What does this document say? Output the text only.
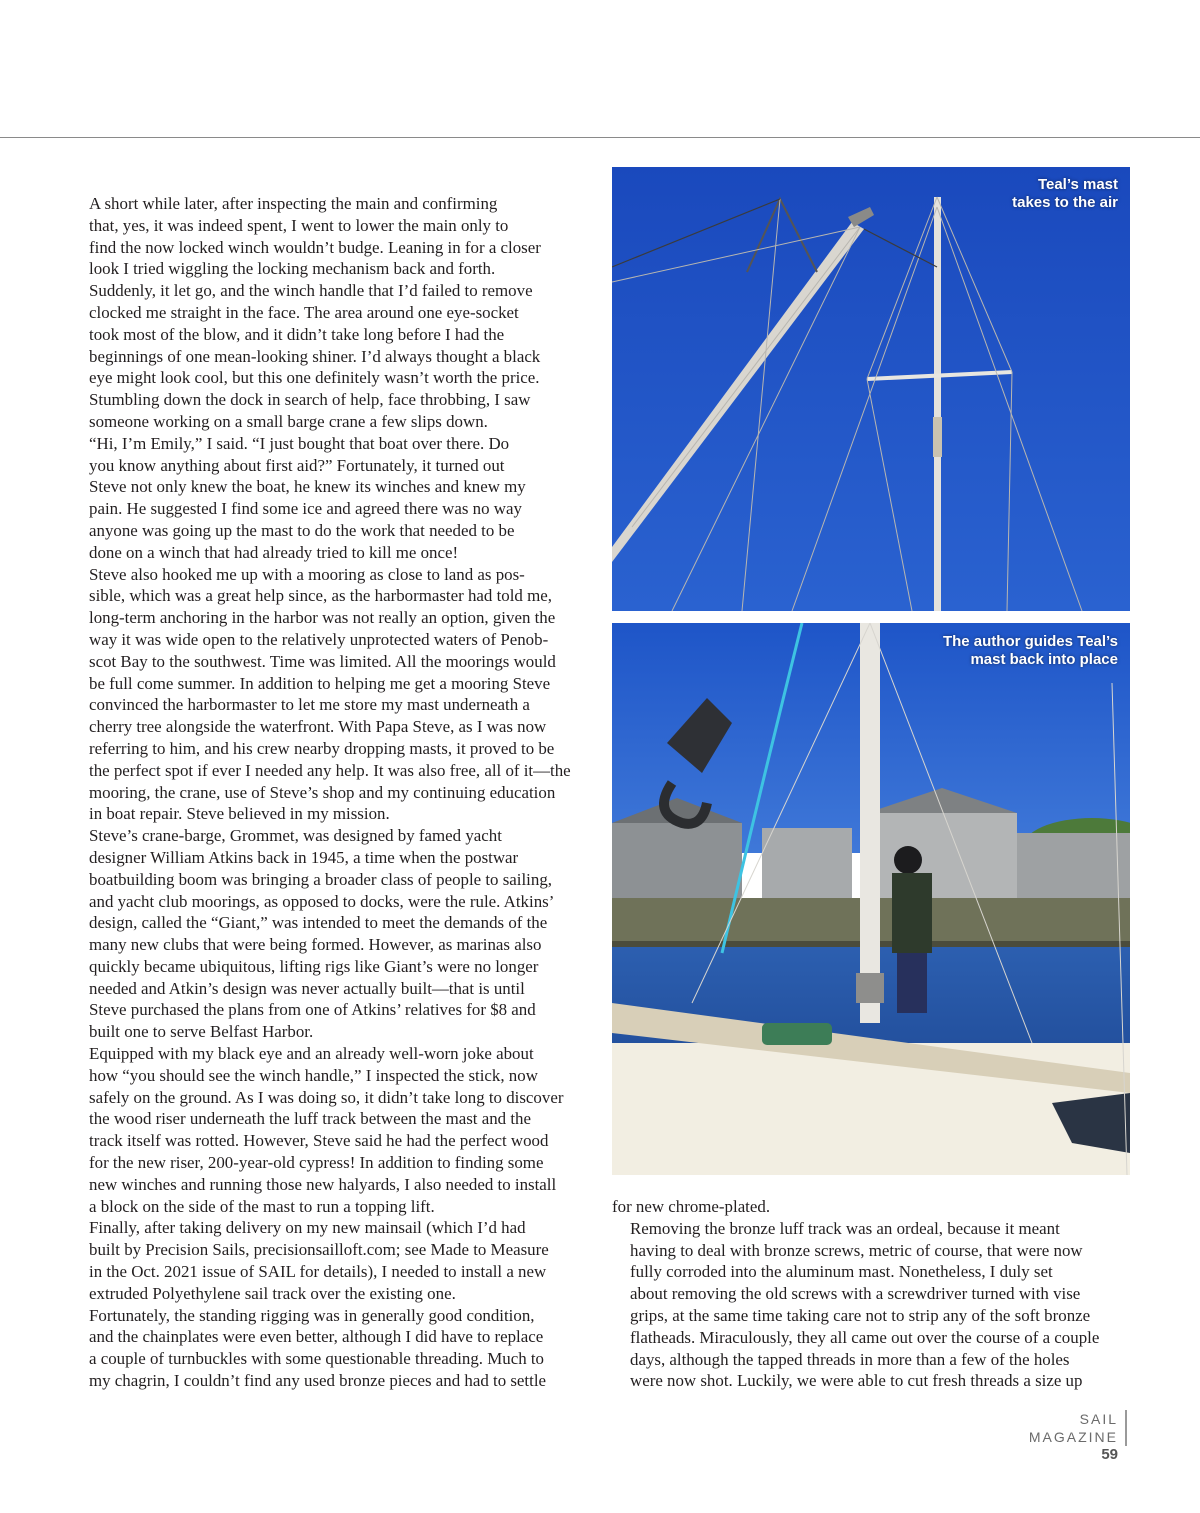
A short while later, after inspecting the main and confirming
that, yes, it was indeed spent, I went to lower the main only to
find the now locked winch wouldn’t budge. Leaning in for a closer
look I tried wiggling the locking mechanism back and forth.
Suddenly, it let go, and the winch handle that I’d failed to remove
clocked me straight in the face. The area around one eye-socket
took most of the blow, and it didn’t take long before I had the
beginnings of one mean-looking shiner. I’d always thought a black
eye might look cool, but this one definitely wasn’t worth the price.
Stumbling down the dock in search of help, face throbbing, I saw
someone working on a small barge crane a few slips down.

“Hi, I’m Emily,” I said. “I just bought that boat over there. Do
you know anything about first aid?” Fortunately, it turned out
Steve not only knew the boat, he knew its winches and knew my
pain. He suggested I find some ice and agreed there was no way
anyone was going up the mast to do the work that needed to be
done on a winch that had already tried to kill me once!

Steve also hooked me up with a mooring as close to land as pos-
sible, which was a great help since, as the harbormaster had told me,
long-term anchoring in the harbor was not really an option, given the
way it was wide open to the relatively unprotected waters of Penob-
scot Bay to the southwest. Time was limited. All the moorings would
be full come summer. In addition to helping me get a mooring Steve
convinced the harbormaster to let me store my mast underneath a
cherry tree alongside the waterfront. With Papa Steve, as I was now
referring to him, and his crew nearby dropping masts, it proved to be
the perfect spot if ever I needed any help. It was also free, all of it—the
mooring, the crane, use of Steve’s shop and my continuing education
in boat repair. Steve believed in my mission.

Steve’s crane-barge, Grommet, was designed by famed yacht
designer William Atkins back in 1945, a time when the postwar
boatbuilding boom was bringing a broader class of people to sailing,
and yacht club moorings, as opposed to docks, were the rule. Atkins’
design, called the “Giant,” was intended to meet the demands of the
many new clubs that were being formed. However, as marinas also
quickly became ubiquitous, lifting rigs like Giant’s were no longer
needed and Atkin’s design was never actually built—that is until
Steve purchased the plans from one of Atkins’ relatives for $8 and
built one to serve Belfast Harbor.

Equipped with my black eye and an already well-worn joke about
how “you should see the winch handle,” I inspected the stick, now
safely on the ground. As I was doing so, it didn’t take long to discover
the wood riser underneath the luff track between the mast and the
track itself was rotted. However, Steve said he had the perfect wood
for the new riser, 200-year-old cypress! In addition to finding some
new winches and running those new halyards, I also needed to install
a block on the side of the mast to run a topping lift.

Finally, after taking delivery on my new mainsail (which I’d had
built by Precision Sails, precisionsailloft.com; see Made to Measure
in the Oct. 2021 issue of SAIL for details), I needed to install a new
extruded Polyethylene sail track over the existing one.

Fortunately, the standing rigging was in generally good condition,
and the chainplates were even better, although I did have to replace
a couple of turnbuckles with some questionable threading. Much to
my chagrin, I couldn’t find any used bronze pieces and had to settle

for new chrome-plated.

Removing the bronze luff track was an ordeal, because it meant
having to deal with bronze screws, metric of course, that were now
fully corroded into the aluminum mast. Nonetheless, I duly set
about removing the old screws with a screwdriver turned with vise
grips, at the same time taking care not to strip any of the soft bronze
flatheads. Miraculously, they all came out over the course of a couple
days, although the tapped threads in more than a few of the holes
were now shot. Luckily, we were able to cut fresh threads a size up

Teal’s mast
takes to the air
The author guides Teal’s
mast back into place
SAIL MAGAZINE
59
